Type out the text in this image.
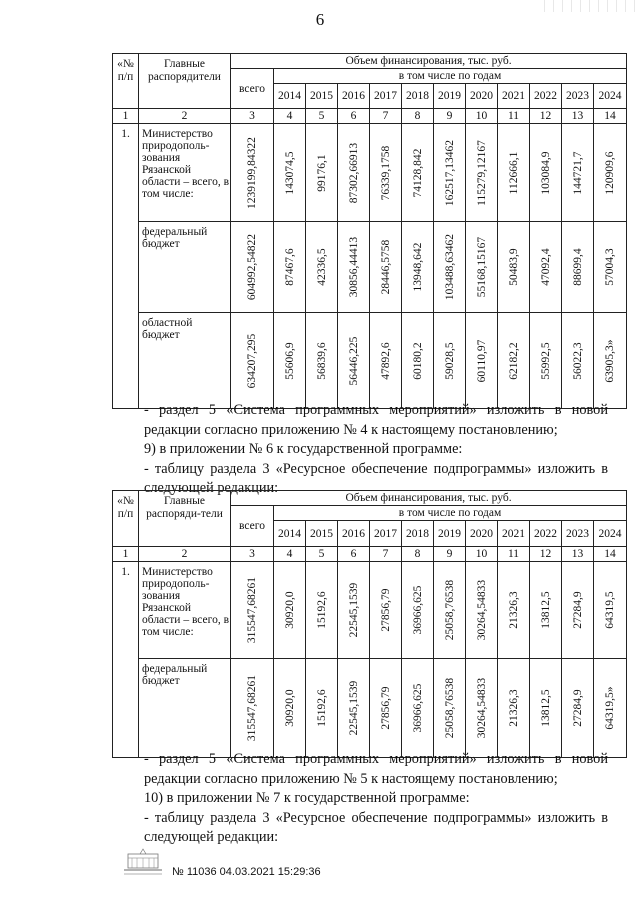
6
«№ п/п	Главные распорядители	Объем финансирования, тыс. руб.											
		всего	в том числе по годам										
			2014	2015	2016	2017	2018	2019	2020	2021	2022	2023	2024
1	2	3	4	5	6	7	8	9	10	11	12	13	14
1.	Министерство природополь-зования Рязанской области – всего, в том числе:	1239199,84322	143074,5	99176,1	87302,66913	76339,1758	74128,842	162517,13462	115279,12167	112666,1	103084,9	144721,7	120909,6

	федеральный бюджет	604992,54822	87467,6	42336,5	30856,44413	28446,5758	13948,642	103488,63462	55168,15167	50483,9	47092,4	88699,4	57004,3

	областной бюджет	634207,295	55606,9	56839,6	56446,225	47892,6	60180,2	59028,5	60110,97	62182,2	55992,5	56022,3	63905,3»
- раздел 5 «Система программных мероприятий» изложить в новой редакции согласно приложению № 4 к настоящему постановлению;
9) в приложении № 6 к государственной программе:
- таблицу раздела 3 «Ресурсное обеспечение подпрограммы» изложить в следующей редакции:
«№ п/п	Главные распоряди-тели	Объем финансирования, тыс. руб.											
		всего	в том числе по годам										
			2014	2015	2016	2017	2018	2019	2020	2021	2022	2023	2024
1	2	3	4	5	6	7	8	9	10	11	12	13	14
1.	Министерство природополь-зования Рязанской области – всего, в том числе:	315547,68261	30920,0	15192,6	22545,1539	27856,79	36966,625	25058,76538	30264,54833	21326,3	13812,5	27284,9	64319,5

	федеральный бюджет	315547,68261	30920,0	15192,6	22545,1539	27856,79	36966,625	25058,76538	30264,54833	21326,3	13812,5	27284,9	64319,5»
- раздел 5 «Система программных мероприятий» изложить в новой редакции согласно приложению № 5 к настоящему постановлению;
10) в приложении № 7 к государственной программе:
- таблицу раздела 3 «Ресурсное обеспечение подпрограммы» изложить в следующей редакции:
№ 11036 04.03.2021 15:29:36
